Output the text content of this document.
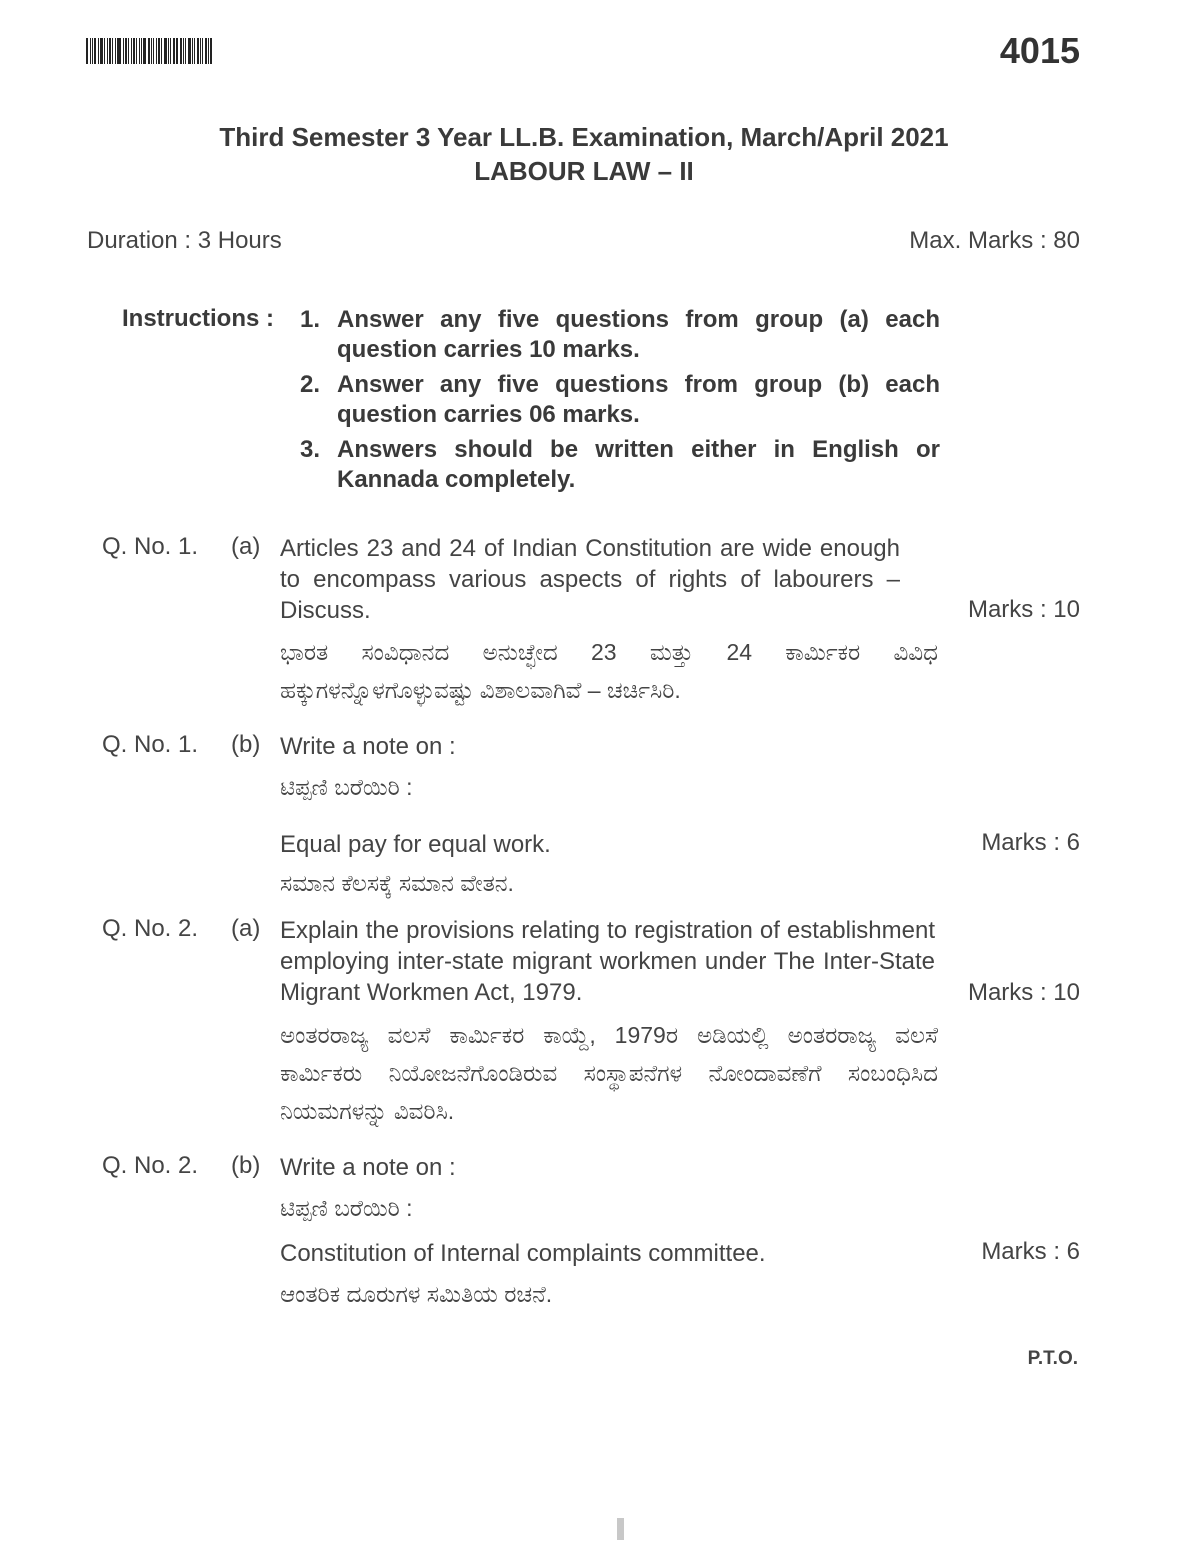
4015
Third Semester 3 Year LL.B. Examination, March/April 2021
LABOUR LAW – II
Duration : 3 Hours	Max. Marks : 80
Instructions : 1. Answer any five questions from group (a) each question carries 10 marks.
2. Answer any five questions from group (b) each question carries 06 marks.
3. Answers should be written either in English or Kannada completely.
Q. No. 1. (a) Articles 23 and 24 of Indian Constitution are wide enough to encompass various aspects of rights of labourers – Discuss.	Marks : 10
ಭಾರತ ಸಂವಿಧಾನದ ಅನುಚ್ಛೇದ 23 ಮತ್ತು 24 ಕಾರ್ಮಿಕರ ವಿವಿಧ ಹಕ್ಕುಗಳನ್ನೊಳಗೊಳ್ಳುವಷ್ಟು ವಿಶಾಲವಾಗಿವೆ – ಚರ್ಚಿಸಿರಿ.
Q. No. 1. (b) Write a note on :
ಟಿಪ್ಪಣಿ ಬರೆಯಿರಿ :
Equal pay for equal work.	Marks : 6
ಸಮಾನ ಕೆಲಸಕ್ಕೆ ಸಮಾನ ವೇತನ.
Q. No. 2. (a) Explain the provisions relating to registration of establishment employing inter-state migrant workmen under The Inter-State Migrant Workmen Act, 1979.	Marks : 10
ಅಂತರರಾಜ್ಯ ವಲಸೆ ಕಾರ್ಮಿಕರ ಕಾಯ್ದೆ, 1979ರ ಅಡಿಯಲ್ಲಿ ಅಂತರರಾಜ್ಯ ವಲಸೆ ಕಾರ್ಮಿಕರು ನಿಯೋಜನೆಗೊಂಡಿರುವ ಸಂಸ್ಥಾಪನೆಗಳ ನೋಂದಾವಣೆಗೆ ಸಂಬಂಧಿಸಿದ ನಿಯಮಗಳನ್ನು ವಿವರಿಸಿ.
Q. No. 2. (b) Write a note on :
ಟಿಪ್ಪಣಿ ಬರೆಯಿರಿ :
Constitution of Internal complaints committee.	Marks : 6
ಆಂತರಿಕ ದೂರುಗಳ ಸಮಿತಿಯ ರಚನೆ.
P.T.O.
